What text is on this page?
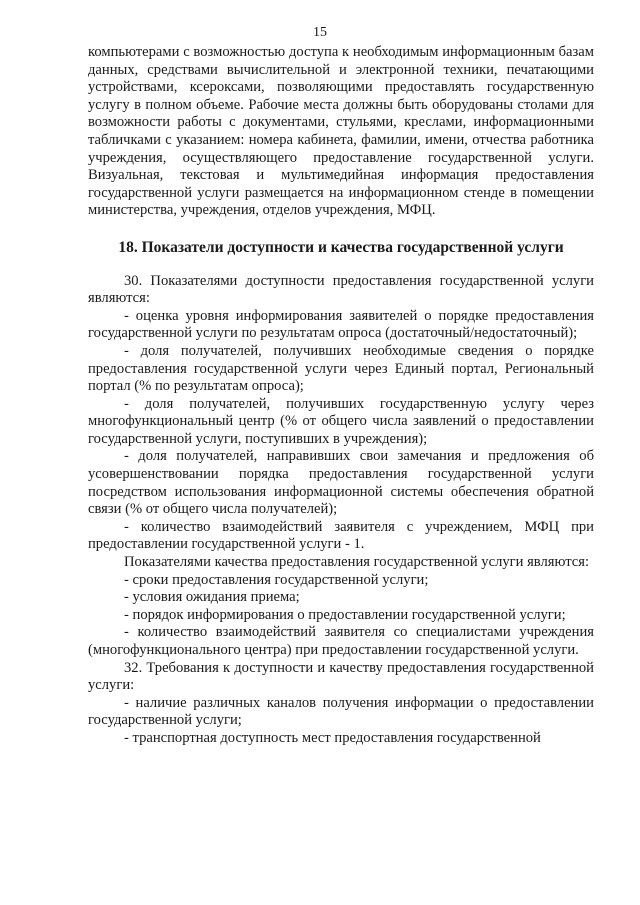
15

компьютерами с возможностью доступа к необходимым информационным базам данных, средствами вычислительной и электронной техники, печатающими устройствами, ксероксами, позволяющими предоставлять государственную услугу в полном объеме. Рабочие места должны быть оборудованы столами для возможности работы с документами, стульями, креслами, информационными табличками с указанием: номера кабинета, фамилии, имени, отчества работника учреждения, осуществляющего предоставление государственной услуги. Визуальная, текстовая и мультимедийная информация предоставления государственной услуги размещается на информационном стенде в помещении министерства, учреждения, отделов учреждения, МФЦ.

18. Показатели доступности и качества государственной услуги

30. Показателями доступности предоставления государственной услуги являются:

- оценка уровня информирования заявителей о порядке предоставления государственной услуги по результатам опроса (достаточный/недостаточный);

- доля получателей, получивших необходимые сведения о порядке предоставления государственной услуги через Единый портал, Региональный портал (% по результатам опроса);

- доля получателей, получивших государственную услугу через многофункциональный центр (% от общего числа заявлений о предоставлении государственной услуги, поступивших в учреждения);

- доля получателей, направивших свои замечания и предложения об усовершенствовании порядка предоставления государственной услуги посредством использования информационной системы обеспечения обратной связи (% от общего числа получателей);

- количество взаимодействий заявителя с учреждением, МФЦ при предоставлении государственной услуги - 1.

Показателями качества предоставления государственной услуги являются:

- сроки предоставления государственной услуги;

- условия ожидания приема;

- порядок информирования о предоставлении государственной услуги;

- количество взаимодействий заявителя со специалистами учреждения (многофункционального центра) при предоставлении государственной услуги.

32. Требования к доступности и качеству предоставления государственной услуги:

- наличие различных каналов получения информации о предоставлении государственной услуги;

- транспортная доступность мест предоставления государственной
